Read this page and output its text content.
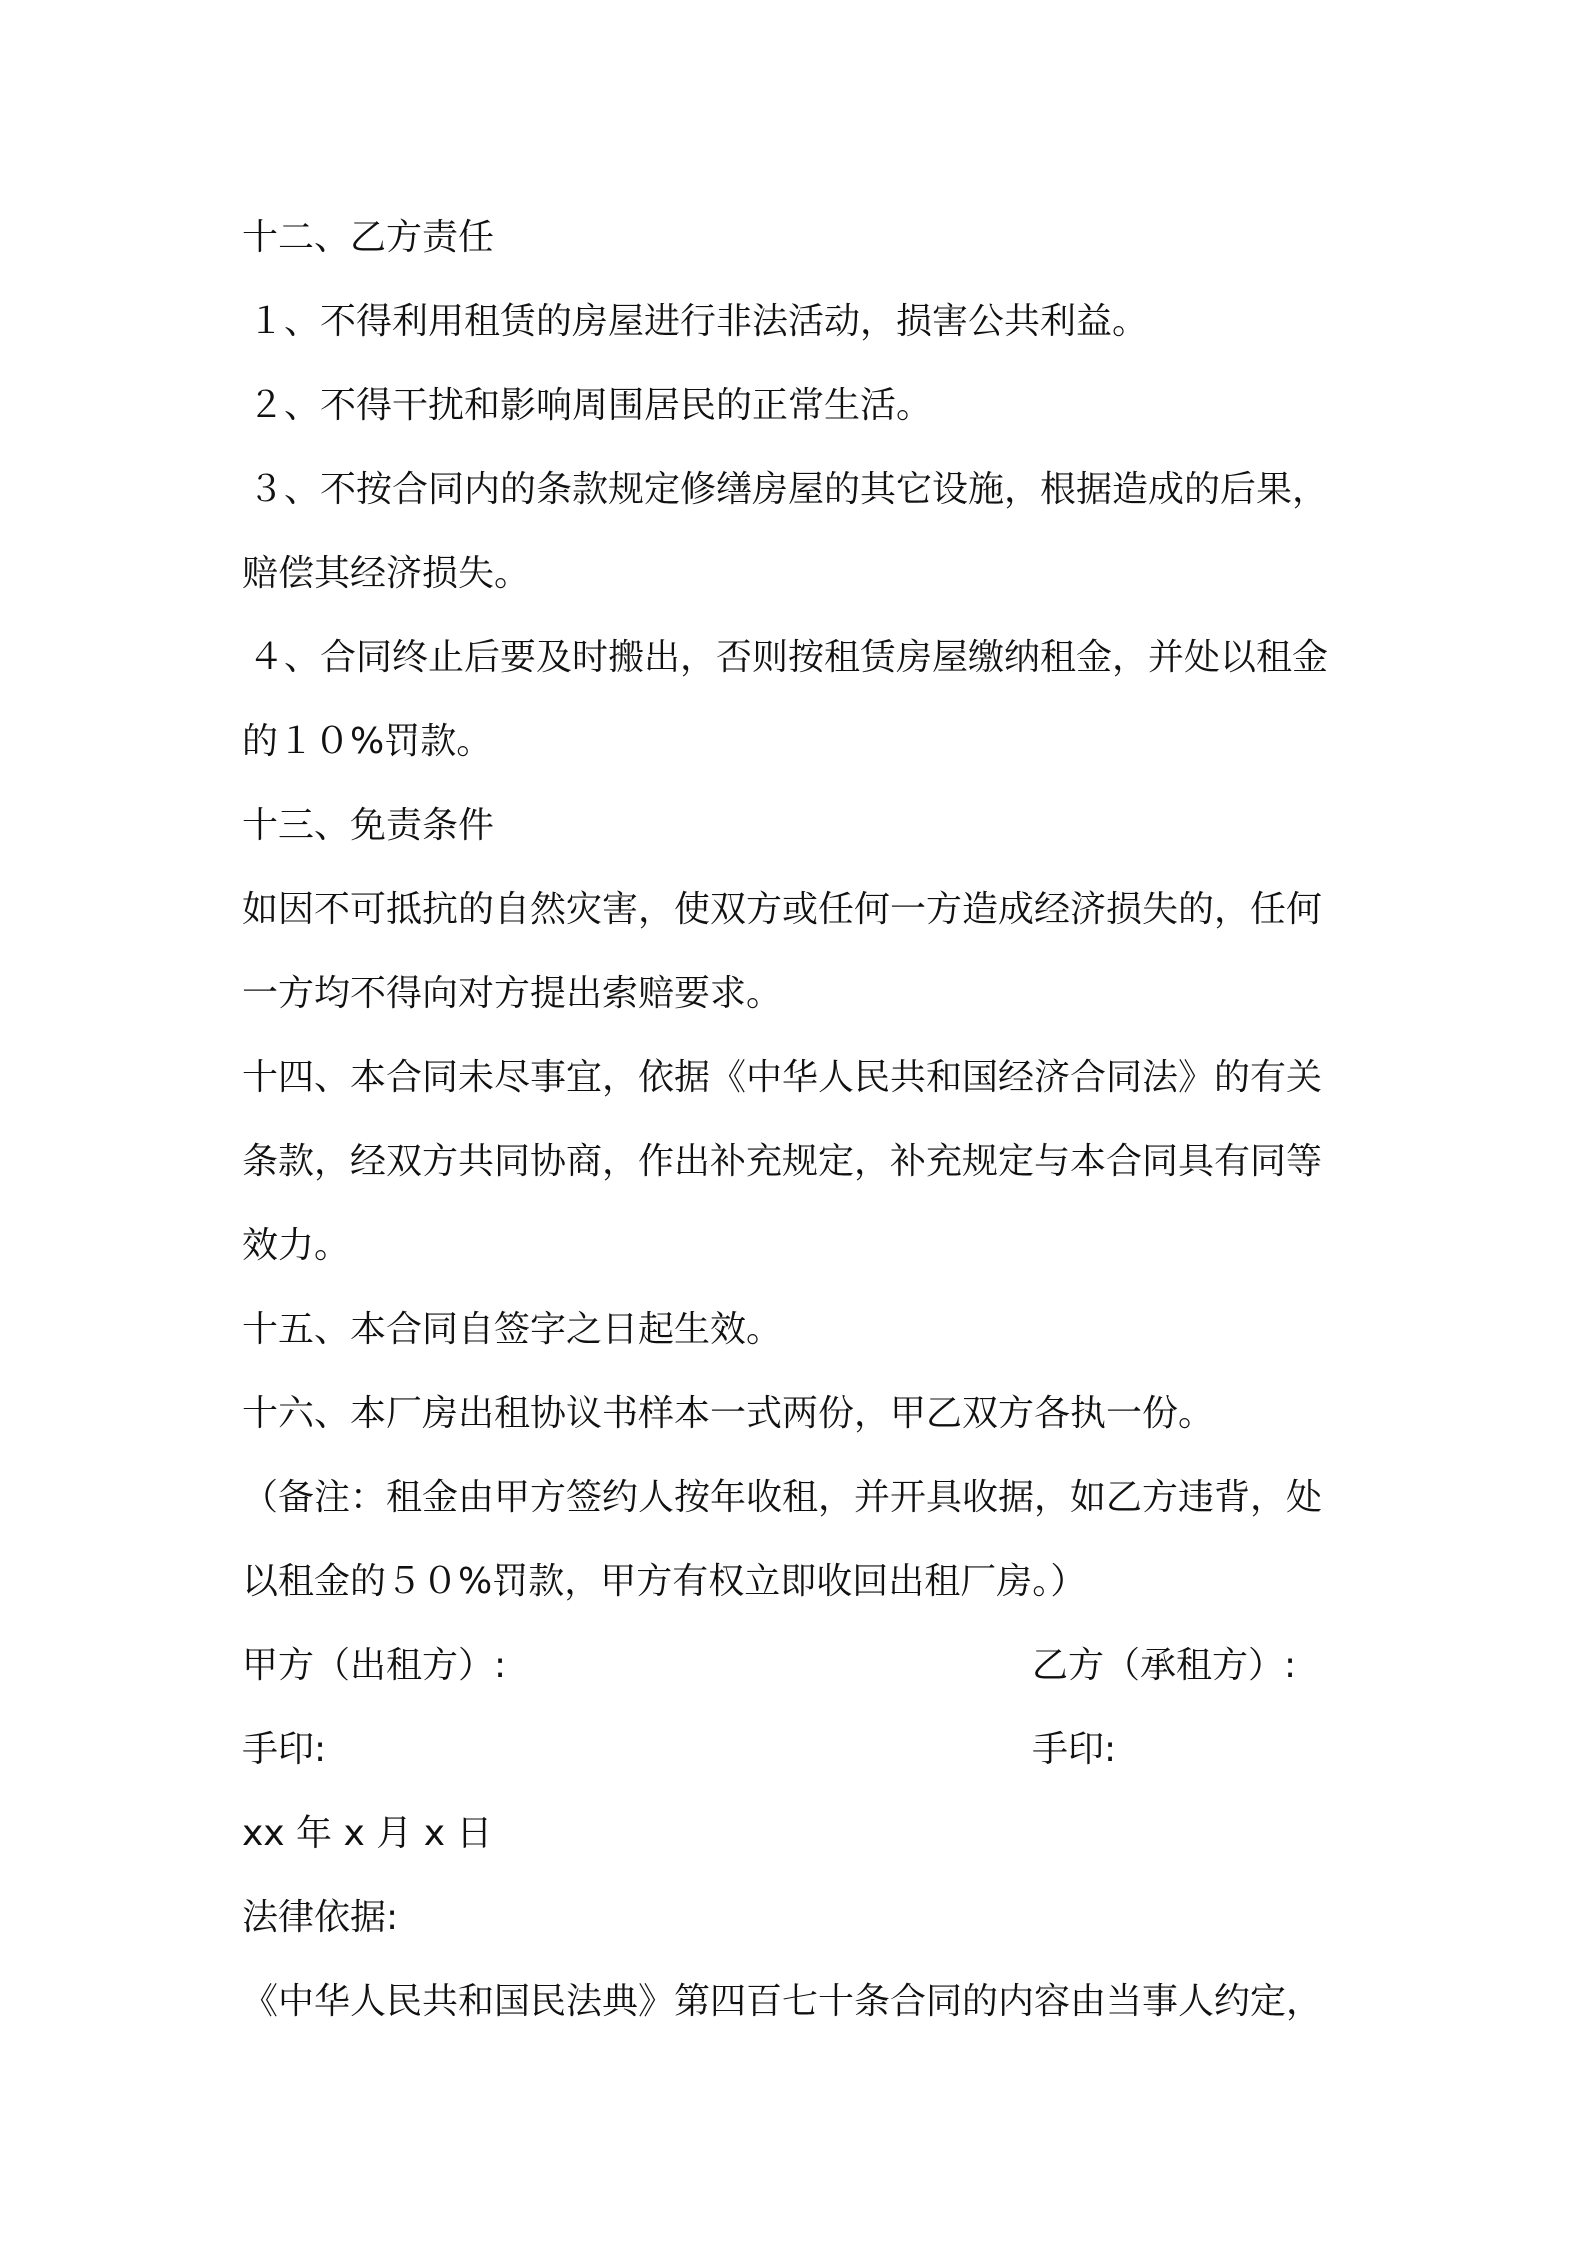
十二、乙方责任
１、不得利用租赁的房屋进行非法活动，损害公共利益。
２、不得干扰和影响周围居民的正常生活。
３、不按合同内的条款规定修缮房屋的其它设施，根据造成的后果，
赔偿其经济损失。
４、合同终止后要及时搬出，否则按租赁房屋缴纳租金，并处以租金
的１０%罚款。
十三、免责条件
如因不可抵抗的自然灾害，使双方或任何一方造成经济损失的，任何
一方均不得向对方提出索赔要求。
十四、本合同未尽事宜，依据《中华人民共和国经济合同法》的有关
条款，经双方共同协商，作出补充规定，补充规定与本合同具有同等
效力。
十五、本合同自签字之日起生效。
十六、本厂房出租协议书样本一式两份，甲乙双方各执一份。
（备注：租金由甲方签约人按年收租，并开具收据，如乙方违背，处
以租金的５０%罚款，甲方有权立即收回出租厂房。）
甲方（出租方）:	乙方（承租方）:
手印:	手印:
xx 年 x 月 x 日
法律依据:
《中华人民共和国民法典》第四百七十条合同的内容由当事人约定，
